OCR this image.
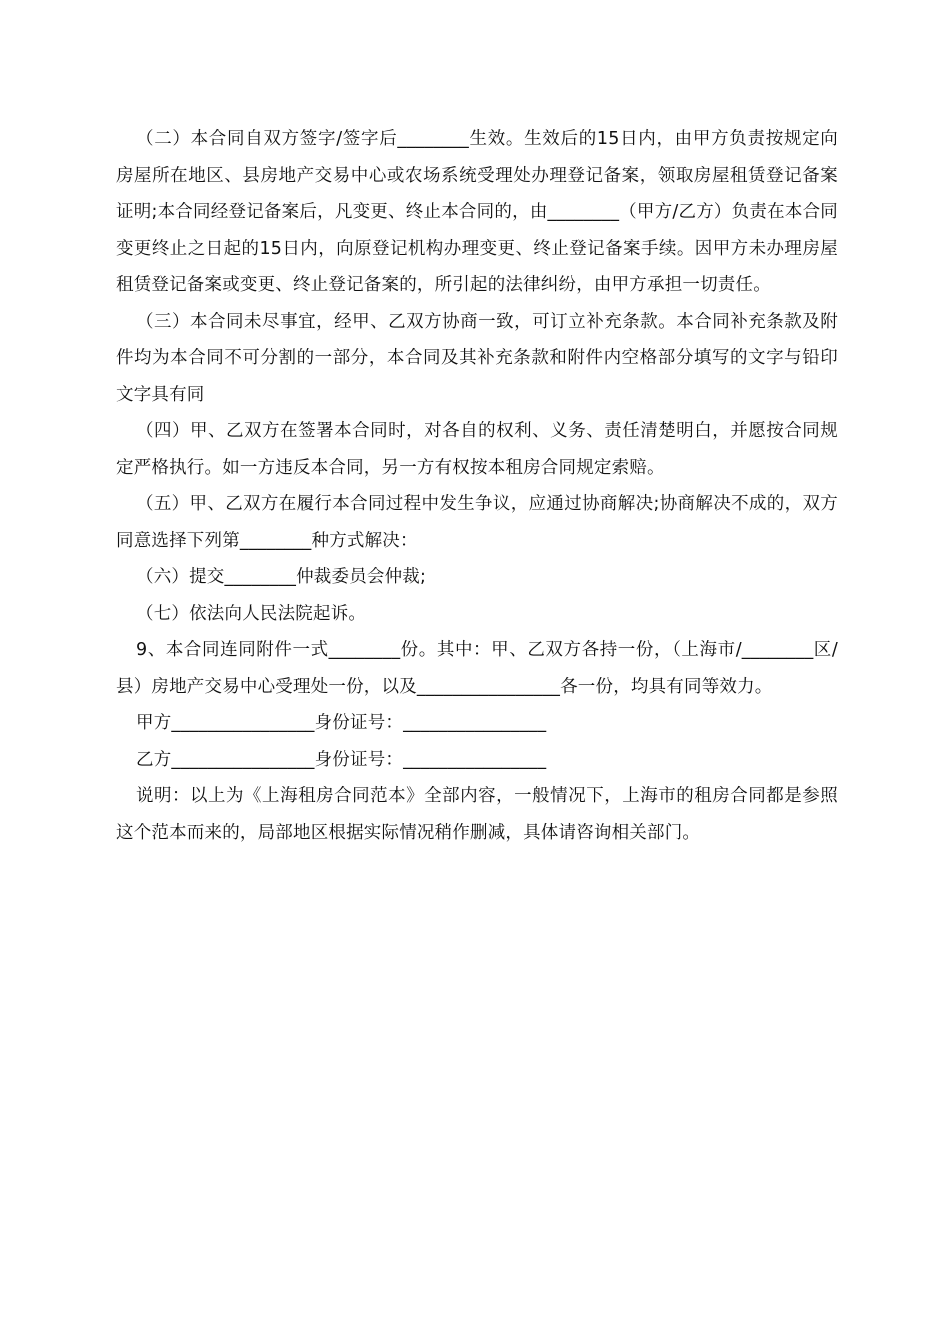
（二）本合同自双方签字/签字后________生效。生效后的15日内，由甲方负责按规定向房屋所在地区、县房地产交易中心或农场系统受理处办理登记备案，领取房屋租赁登记备案证明;本合同经登记备案后，凡变更、终止本合同的，由________（甲方/乙方）负责在本合同变更终止之日起的15日内，向原登记机构办理变更、终止登记备案手续。因甲方未办理房屋租赁登记备案或变更、终止登记备案的，所引起的法律纠纷，由甲方承担一切责任。

（三）本合同未尽事宜，经甲、乙双方协商一致，可订立补充条款。本合同补充条款及附件均为本合同不可分割的一部分，本合同及其补充条款和附件内空格部分填写的文字与铅印文字具有同

（四）甲、乙双方在签署本合同时，对各自的权利、义务、责任清楚明白，并愿按合同规定严格执行。如一方违反本合同，另一方有权按本租房合同规定索赔。

（五）甲、乙双方在履行本合同过程中发生争议，应通过协商解决;协商解决不成的，双方同意选择下列第________种方式解决：

（六）提交________仲裁委员会仲裁;

（七）依法向人民法院起诉。

9、本合同连同附件一式________份。其中：甲、乙双方各持一份，（上海市/________区/县）房地产交易中心受理处一份，以及________________各一份，均具有同等效力。

甲方________________身份证号：________________

乙方________________身份证号：________________

说明：以上为《上海租房合同范本》全部内容，一般情况下，上海市的租房合同都是参照这个范本而来的，局部地区根据实际情况稍作删减，具体请咨询相关部门。
